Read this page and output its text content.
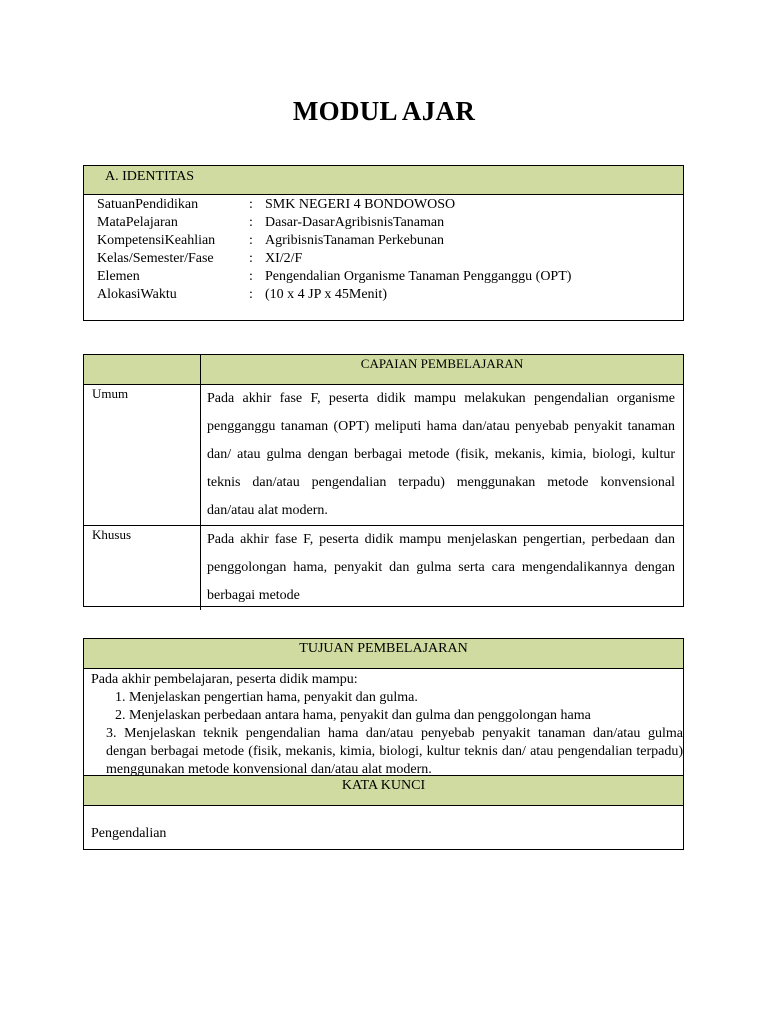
MODUL AJAR
A. IDENTITAS
SatuanPendidikan	: SMK NEGERI 4 BONDOWOSO
MataPelajaran	: Dasar-DasarAgribisnisTanaman
KompetensiKeahlian : AgribisnisTanaman Perkebunan
Kelas/Semester/Fase	: XI/2/F
Elemen	: Pengendalian Organisme Tanaman Pengganggu (OPT)
AlokasiWaktu	: (10 x 4 JP x 45Menit)
	CAPAIAN PEMBELAJARAN
Umum	Pada akhir fase F, peserta didik mampu melakukan pengendalian organisme pengganggu tanaman (OPT) meliputi hama dan/atau penyebab penyakit tanaman dan/ atau gulma dengan berbagai metode (fisik, mekanis, kimia, biologi, kultur teknis dan/atau pengendalian terpadu) menggunakan metode konvensional dan/atau alat modern.
Khusus	Pada akhir fase F, peserta didik mampu menjelaskan pengertian, perbedaan dan penggolongan hama, penyakit dan gulma serta cara mengendalikannya dengan berbagai metode
TUJUAN PEMBELAJARAN
Pada akhir pembelajaran, peserta didik mampu:
1. Menjelaskan pengertian hama, penyakit dan gulma.
2. Menjelaskan perbedaan antara hama, penyakit dan gulma dan penggolongan hama
3. Menjelaskan teknik pengendalian hama dan/atau penyebab penyakit tanaman dan/atau gulma dengan berbagai metode (fisik, mekanis, kimia, biologi, kultur teknis dan/ atau pengendalian terpadu) menggunakan metode konvensional dan/atau alat modern.
KATA KUNCI
Pengendalian
